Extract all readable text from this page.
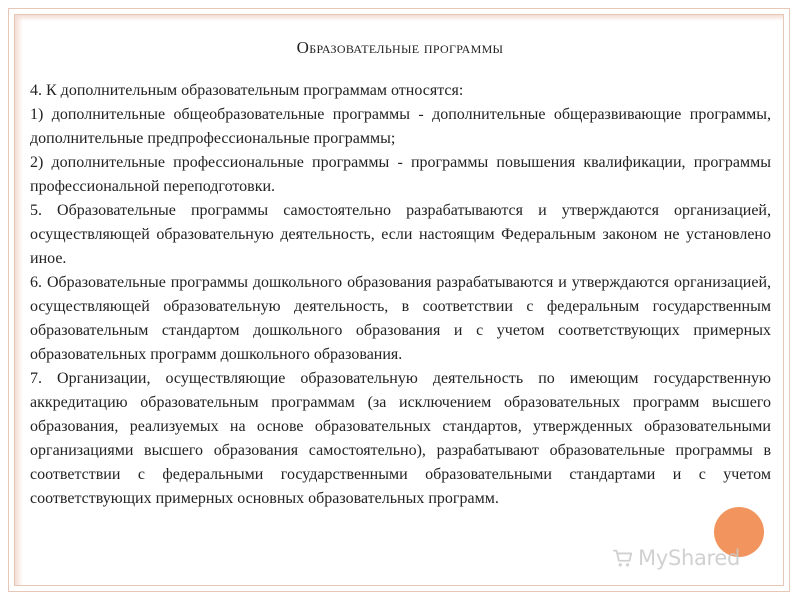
Образовательные программы

4. К дополнительным образовательным программам относятся:

1) дополнительные общеобразовательные программы - дополнительные общеразвивающие программы, дополнительные предпрофессиональные программы;

2) дополнительные профессиональные программы - программы повышения квалификации, программы профессиональной переподготовки.

5. Образовательные программы самостоятельно разрабатываются и утверждаются организацией, осуществляющей образовательную деятельность, если настоящим Федеральным законом не установлено иное.

6. Образовательные программы дошкольного образования разрабатываются и утверждаются организацией, осуществляющей образовательную деятельность, в соответствии с федеральным государственным образовательным стандартом дошкольного образования и с учетом соответствующих примерных образовательных программ дошкольного образования.

7. Организации, осуществляющие образовательную деятельность по имеющим государственную аккредитацию образовательным программам (за исключением образовательных программ высшего образования, реализуемых на основе образовательных стандартов, утвержденных образовательными организациями высшего образования самостоятельно), разрабатывают образовательные программы в соответствии с федеральными государственными образовательными стандартами и с учетом соответствующих примерных основных образовательных программ.

MyShared
